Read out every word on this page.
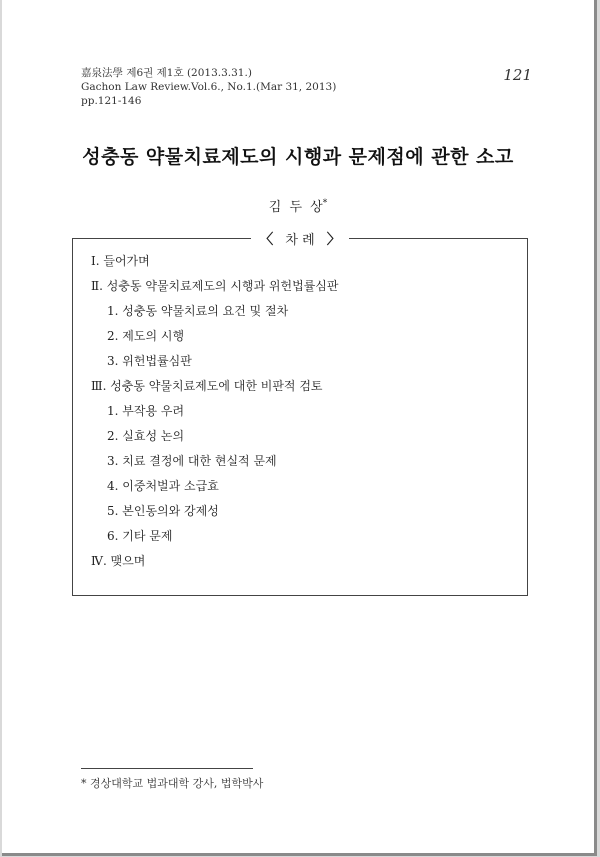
嘉泉法學 제6권 제1호 (2013.3.31.)
Gachon Law Review.Vol.6., No.1.(Mar 31, 2013)
pp.121-146
121
성충동 약물치료제도의 시행과 문제점에 관한 소고
김 두 상*
〈 차 례 〉
Ⅰ. 들어가며
Ⅱ. 성충동 약물치료제도의 시행과 위헌법률심판
1. 성충동 약물치료의 요건 및 절차
2. 제도의 시행
3. 위헌법률심판
Ⅲ. 성충동 약물치료제도에 대한 비판적 검토
1. 부작용 우려
2. 실효성 논의
3. 치료 결정에 대한 현실적 문제
4. 이중처벌과 소급효
5. 본인동의와 강제성
6. 기타 문제
Ⅳ. 맺으며
* 경상대학교 법과대학 강사, 법학박사
